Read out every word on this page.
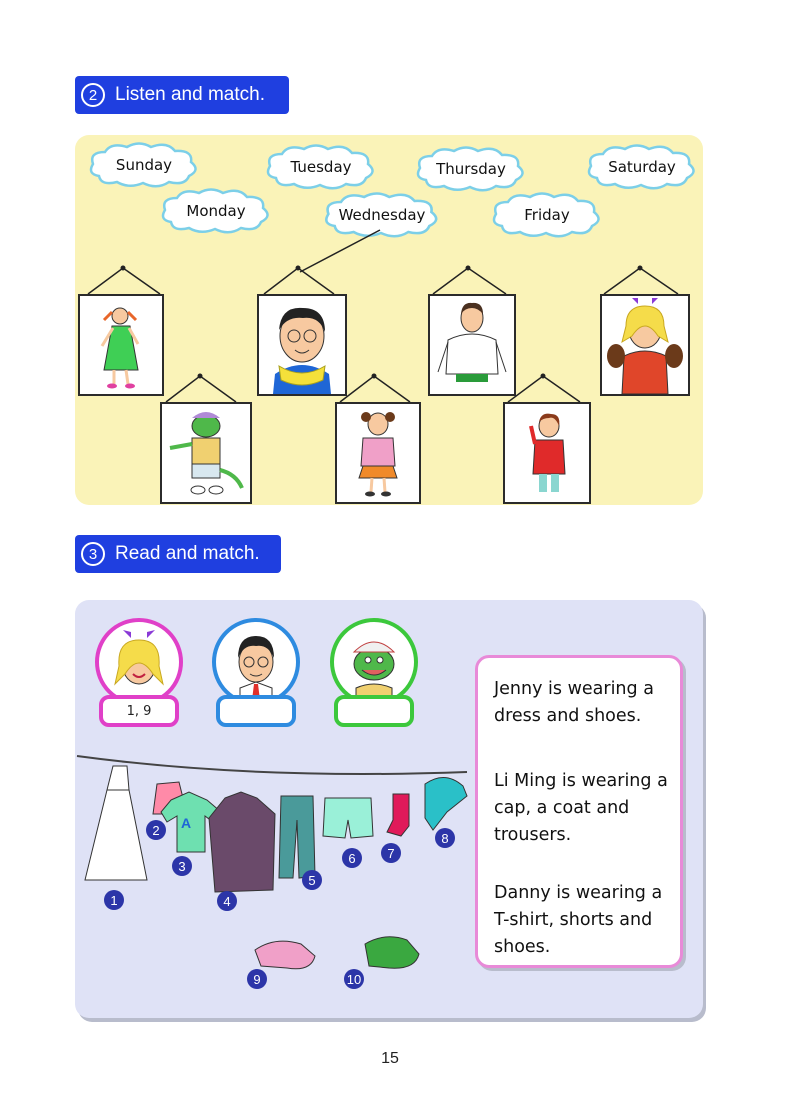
2 Listen and match.
Sunday
Monday
Tuesday
Wednesday
Thursday
Friday
Saturday
3 Read and match.
1, 9
A
1
2
3
4
5
6	7
8
9	10
Jenny is wearing a dress and shoes.
Li Ming is wearing a cap, a coat and trousers.
Danny is wearing a T-shirt, shorts and shoes.
15
